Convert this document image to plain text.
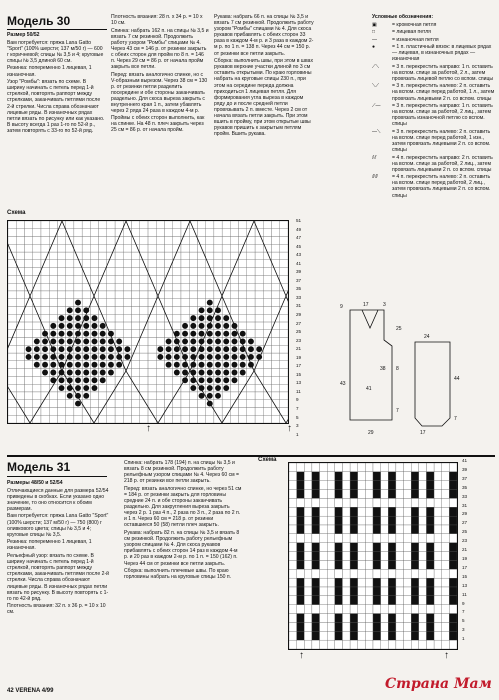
Модель 30

Размер 50/52

Вам потребуется: пряжа Lana Gatto "Sport" (100% шерсти; 137 м/50 г) — 600 г коричневой; спицы № 3,5 и 4; круговые спицы № 3,5 длиной 60 см.

Резинка: попеременно 1 лицевая, 1 изнаночная.

Узор "Ромбы": вязать по схеме. В ширину начинать с петель перед 1-й стрелкой, повторять раппорт между стрелками, заканчивать петлями после 2-й стрелки. Числа справа обозначают лицевые ряды. В изнаночных рядах петли вязать по рисунку или как указано. В высоту всегда 1 раз 1-го по 52-й р., затем повторять с 33-го по 52-й ряд.

Плотность вязания: 28 п. х 34 р. = 10 х 10 см.

Спинка: набрать 162 п. на спицы № 3,5 и вязать 7 см резинкой. Продолжить работу узором "Ромбы" спицами № 4. Через 43 см = 146 р. от резинки закрыть с обеих сторон для пройм по 8 п. = 146 п. Через 29 см = 86 р. от начала пройм закрыть все петли.

Перед: вязать аналогично спинке, но с V-образным вырезом. Через 38 см = 130 р. от резинки петли разделить посередине и обе стороны заканчивать раздельно. Для скоса выреза закрыть с внутреннего края 1 п., затем убавлять через 2 ряда 24 раза в каждом 4-м р. Проймы с обеих сторон выполнить, как на спинке. На 48 п. плеч закрыть через 25 см = 86 р. от начала пройм.

Рукава: набрать 66 п. на спицы № 3,5 и вязать 7 см резинкой. Продолжить работу узором "Ромбы" спицами № 4. Для скоса рукавов прибавлять с обеих сторон 33 раза в каждом 4-м р. и 3 раза в каждом 2-м р. по 1 п. = 138 п. Через 44 см = 150 р. от резинки все петли закрыть.

Сборка: выполнить швы, при этом в швах рукавов верхние участки длиной по 3 см оставить открытыми. По краю горловины набрать на круговые спицы 230 п., при этом на середине переда должна приходиться 1 лицевая петля. Для формирования угла выреза в каждом ряду до и после средней петли провязывать 2 п. вместе. Через 2 см от начала вязать петли закрыть. При этом вшить в пройму, при этом открытые швы рукавов пришить к закрытым петлям пройм. Вшить рукава.

Условные обозначения:

▣	= кромочная петля
□	= лицевая петля
—	= изнаночная петля
●	= 1 п. пластичный вязок: в лицевых рядах — лицевая, в изнаночных рядах — изнаночная
⟋⟍	= 3 п. перекрестить направо: 1 п. оставить на вспом. спице за работой, 2 л., затем провязать лицевой петлю со вспом. спицы
⟍⟋	= 3 п. перекрестить налево: 2 п. оставить на вспом. спице перед работой, 1 л., затем провязать лицевыми 2 п. со вспом. спицы
⟋—	= 3 п. перекрестить направо: 1 п. оставить на вспом. спице за работой, 2 лиц., затем провязать изнаночной петлю со вспом. спицы
—⟍	= 3 п. перекрестить налево: 2 п. оставить на вспом. спице перед работой, 1 изн., затем провязать лицевыми 2 п. со вспом. спицы
⫽⫽	= 4 п. перекрестить направо: 2 п. оставить на вспом. спице за работой, 2 лиц., затем провязать лицевыми 2 п. со вспом. спицы
⫻⫻	= 4 п. перекрестить налево: 2 п. оставить на вспом. спице перед работой, 2 лиц., затем провязать лицевыми 2 п. со вспом. спицы
Схема
51
49
47
45
43
41
39
37
35
33
31
29
27
25
23
21
19
17
15
13
11
9
7
5
3
1
↑	↑
9	17	3
25
8
43
41
38
7
29
24
44
17
7
Модель 31

Размеры 48/50 и 52/54

Отличающиеся данные для размера 52/54 приведены в скобках. Если указано одно значение, то оно относится к обоим размерам.

Вам потребуется: пряжа Lana Gatto "Sport" (100% шерсти; 137 м/50 г) — 750 (800) г оливкового цвета; спицы № 3,5 и 4; круговые спицы № 3,5.

Резинка: попеременно 1 лицевая, 1 изнаночная.

Рельефный узор: вязать по схеме. В ширину начинать с петель перед 1-й стрелкой, повторять раппорт между стрелками, заканчивать петлями после 2-й стрелки. Числа справа обозначают лицевые ряды. В изнаночных рядах петли вязать по рисунку. В высоту повторять с 1-го по 42-й ряд.

Плотность вязания: 32 п. х 36 р. = 10 х 10 см.

Спинка: набрать 178 (194) п. на спицы № 3,5 и вязать 8 см резинкой. Продолжить работу рельефным узором спицами № 4. Через 60 см = 218 р. от резинки все петли закрыть.

Перед: вязать аналогично спинке, но через 51 см = 184 р. от резинки закрыть для горловины средние 24 п. и обе стороны заканчивать раздельно. Для закругления выреза закрыть через 2 р. 1 раз 4 п., 2 раза по 3 п., 2 раза по 2 п. и 1 п. Через 60 см = 218 р. от резинки оставшиеся 50 (58) петли плеч закрыть.

Рукава: набрать 82 п. на спицы № 3,5 и вязать 8 см резинкой. Продолжить работу рельефным узором спицами № 4. Для скоса рукавов прибавлять с обеих сторон 14 раз в каждом 4-м р. и 20 раз в каждом 2-м р. по 1 п. = 150 (162) п. Через 44 см от резинки все петли закрыть.

Сборка: выполнить плечевые швы. По краю горловины набрать на круговые спицы 150 п.

Схема	41
39
37
35
33
31
29
27
25
23
21
19
17
15
13
11
9
7
5
3
1
↑	↑
42 VERENA 4/99	Страна Мам
